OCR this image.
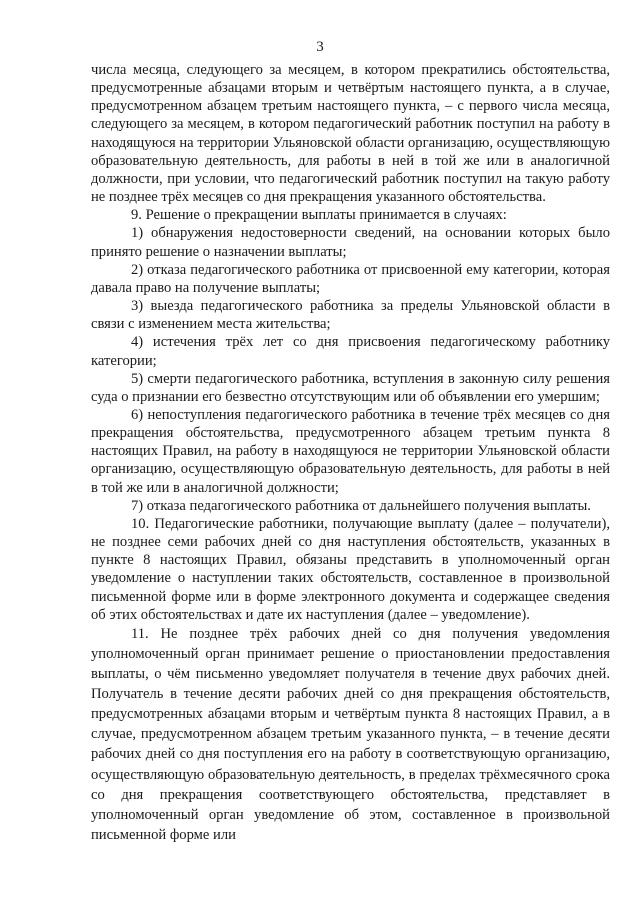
3

числа месяца, следующего за месяцем, в котором прекратились обстоятельства, предусмотренные абзацами вторым и четвёртым настоящего пункта, а в случае, предусмотренном абзацем третьим настоящего пункта, – с первого числа месяца, следующего за месяцем, в котором педагогический работник поступил на работу в находящуюся на территории Ульяновской области организацию, осуществляющую образовательную деятельность, для работы в ней в той же или в аналогичной должности, при условии, что педагогический работник поступил на такую работу не позднее трёх месяцев со дня прекращения указанного обстоятельства.

9. Решение о прекращении выплаты принимается в случаях:

1) обнаружения недостоверности сведений, на основании которых было принято решение о назначении выплаты;

2) отказа педагогического работника от присвоенной ему категории, которая давала право на получение выплаты;

3) выезда педагогического работника за пределы Ульяновской области в связи с изменением места жительства;

4) истечения трёх лет со дня присвоения педагогическому работнику категории;

5) смерти педагогического работника, вступления в законную силу решения суда о признании его безвестно отсутствующим или об объявлении его умершим;

6) непоступления педагогического работника в течение трёх месяцев со дня прекращения обстоятельства, предусмотренного абзацем третьим пункта 8 настоящих Правил, на работу в находящуюся не территории Ульяновской области организацию, осуществляющую образовательную деятельность, для работы в ней в той же или в аналогичной должности;

7) отказа педагогического работника от дальнейшего получения выплаты.

10. Педагогические работники, получающие выплату (далее – получатели), не позднее семи рабочих дней со дня наступления обстоятельств, указанных в пункте 8 настоящих Правил, обязаны представить в уполномоченный орган уведомление о наступлении таких обстоятельств, составленное в произвольной письменной форме или в форме электронного документа и содержащее сведения об этих обстоятельствах и дате их наступления (далее – уведомление).

11. Не позднее трёх рабочих дней со дня получения уведомления уполномоченный орган принимает решение о приостановлении предоставления выплаты, о чём письменно уведомляет получателя в течение двух рабочих дней. Получатель в течение десяти рабочих дней со дня прекращения обстоятельств, предусмотренных абзацами вторым и четвёртым пункта 8 настоящих Правил, а в случае, предусмотренном абзацем третьим указанного пункта, – в течение десяти рабочих дней со дня поступления его на работу в соответствующую организацию, осуществляющую образовательную деятельность, в пределах трёхмесячного срока со дня прекращения соответствующего обстоятельства, представляет в уполномоченный орган уведомление об этом, составленное в произвольной письменной форме или
